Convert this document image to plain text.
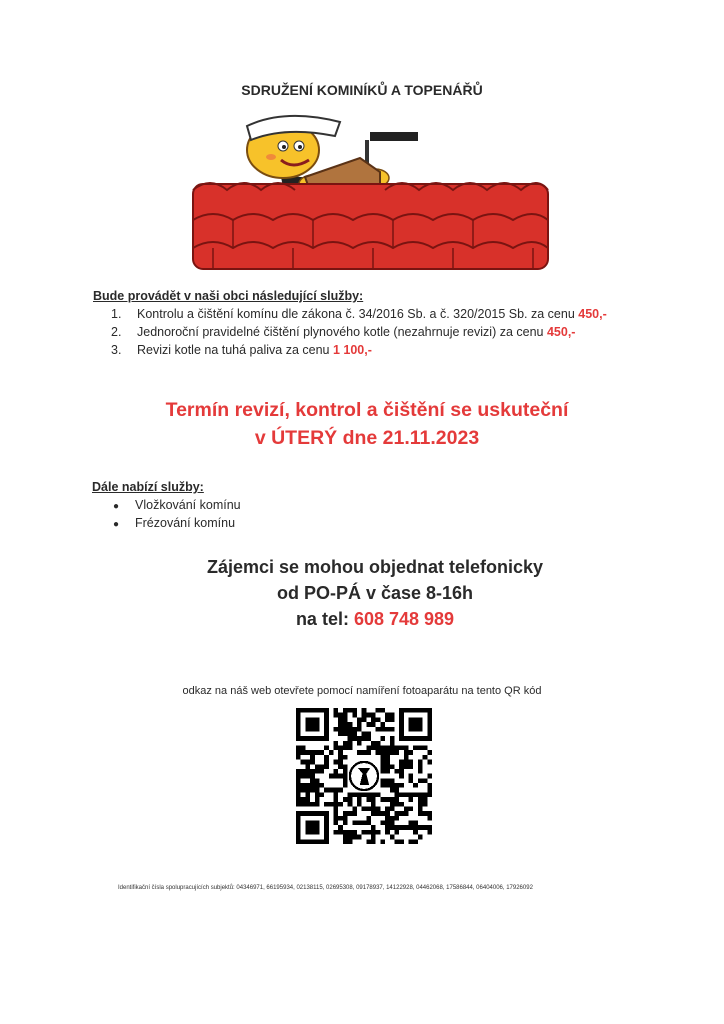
SDRUŽENÍ KOMINÍKŮ A TOPENÁŘŮ
Bude provádět v naši obci následující služby:
1. Kontrolu a čištění komínu dle zákona č. 34/2016 Sb. a č. 320/2015 Sb. za cenu 450,-
2. Jednoroční pravidelné čištění plynového kotle (nezahrnuje revizi) za cenu 450,-
3. Revizi kotle na tuhá paliva za cenu 1 100,-
Termín revizí, kontrol a čištění se uskuteční
v ÚTERÝ dne 21.11.2023
Dále nabízí služby:
● Vložkování komínu
● Frézování komínu
Zájemci se mohou objednat telefonicky
od PO-PÁ v čase 8-16h
na tel: 608 748 989
odkaz na náš web otevřete pomocí namíření fotoaparátu na tento QR kód
Identifikační čísla spolupracujících subjektů: 04346971, 66195934, 02138115, 02695308, 09178937, 14122928, 04462068, 17586844, 06404006, 17926092
